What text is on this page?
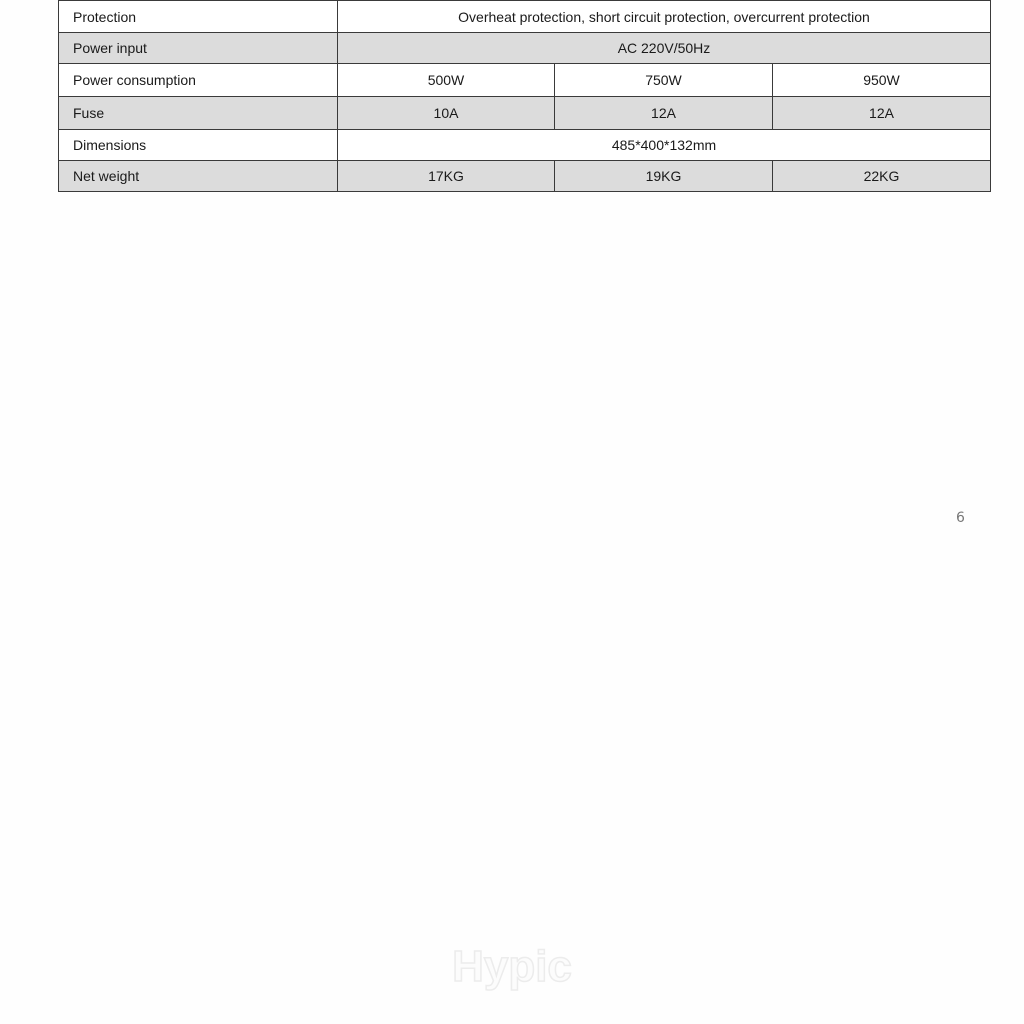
Protection	Overheat protection, short circuit protection, overcurrent protection		
Power input	AC 220V/50Hz		
Power consumption	500W	750W	950W
Fuse	10A	12A	12A
Dimensions	485*400*132mm		
Net weight	17KG	19KG	22KG
6
Hypic
